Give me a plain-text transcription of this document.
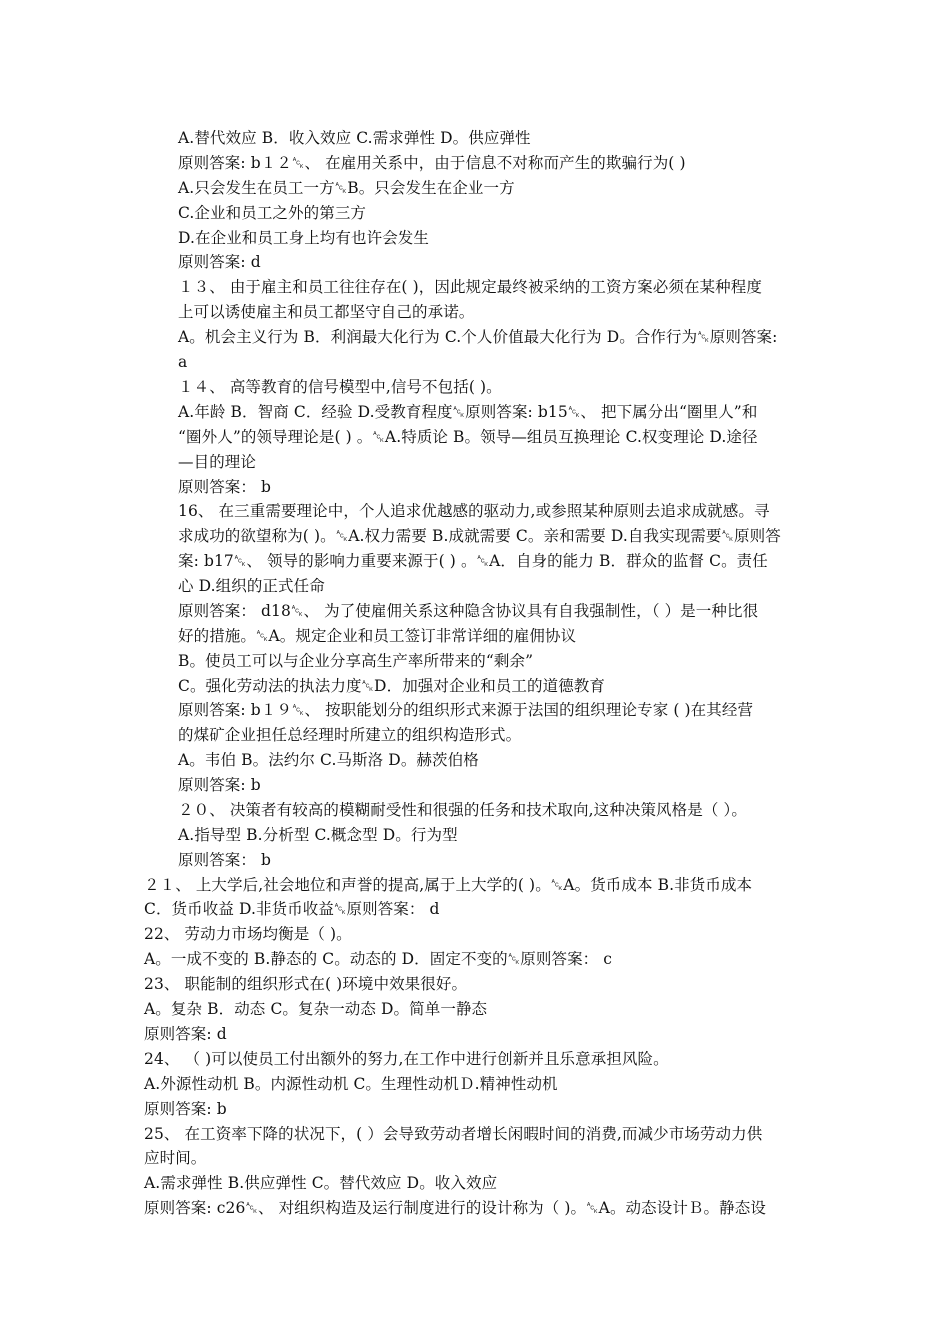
A.替代效应 B．收入效应 C.需求弹性 D。供应弹性
原则答案: b１２␆、 在雇用关系中，由于信息不对称而产生的欺骗行为( )
A.只会发生在员工一方␆B。只会发生在企业一方
C.企业和员工之外的第三方
D.在企业和员工身上均有也许会发生
原则答案: d
１３、 由于雇主和员工往往存在( )，因此规定最终被采纳的工资方案必须在某种程度
上可以诱使雇主和员工都坚守自己的承诺。
A。机会主义行为 B．利润最大化行为 C.个人价值最大化行为 D。合作行为␆原则答案:
a
１４、 高等教育的信号模型中,信号不包括( )。
A.年龄 B．智商 C．经验 D.受教育程度␆原则答案: b15␆、 把下属分出“圈里人”和
“圈外人”的领导理论是( ) 。␆A.特质论 B。领导—组员互换理论 C.权变理论 D.途径
—目的理论
原则答案： b
16、 在三重需要理论中，个人追求优越感的驱动力,或参照某种原则去追求成就感。寻
求成功的欲望称为( )。␆A.权力需要 B.成就需要 C。亲和需要 D.自我实现需要␆原则答
案: b17␆、 领导的影响力重要来源于( ) 。␆A．自身的能力 B．群众的监督 C。责任
心 D.组织的正式任命
原则答案： d18␆、 为了使雇佣关系这种隐含协议具有自我强制性，（ ）是一种比很
好的措施。␆A。规定企业和员工签订非常详细的雇佣协议
B。使员工可以与企业分享高生产率所带来的“剩余”
C。强化劳动法的执法力度␆D．加强对企业和员工的道德教育
原则答案: b１９␆、 按职能划分的组织形式来源于法国的组织理论专家 ( )在其经营
的煤矿企业担任总经理时所建立的组织构造形式。
A。韦伯 B。法约尔 C.马斯洛 D。赫茨伯格
原则答案: b
２０、 决策者有较高的模糊耐受性和很强的任务和技术取向,这种决策风格是（ ）。
A.指导型 B.分析型 C.概念型 D。行为型
原则答案： b
２１、 上大学后,社会地位和声誉的提高,属于上大学的( )。␆A。货币成本 B.非货币成本
C．货币收益 D.非货币收益␆原则答案： d
22、 劳动力市场均衡是（ )。
A。一成不变的 B.静态的 C。动态的 D．固定不变的␆原则答案： c
23、 职能制的组织形式在( )环境中效果很好。
A。复杂 B．动态 C。复杂一动态 D。简单一静态
原则答案: d
24、 （ )可以使员工付出额外的努力,在工作中进行创新并且乐意承担风险。
A.外源性动机 B。内源性动机 C。生理性动机Ｄ.精神性动机
原则答案: b
25、 在工资率下降的状况下，( ）会导致劳动者增长闲暇时间的消费,而减少市场劳动力供
应时间。
A.需求弹性 B.供应弹性 C。替代效应 D。收入效应
原则答案: c26␆、 对组织构造及运行制度进行的设计称为（ )。␆A。动态设计Ｂ。静态设
